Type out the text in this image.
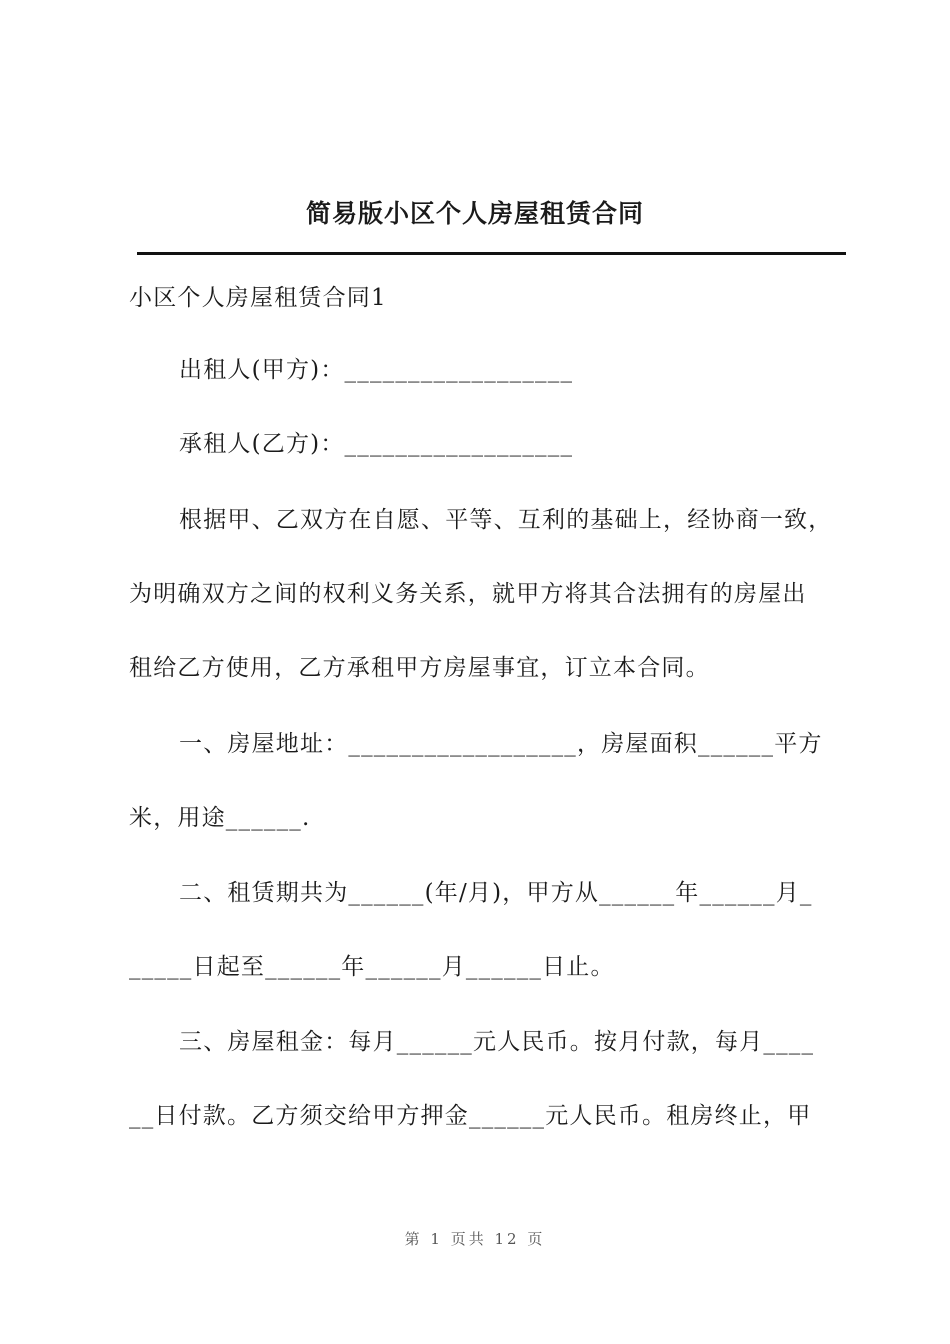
简易版小区个人房屋租赁合同
小区个人房屋租赁合同1
出租人(甲方)：__________________
承租人(乙方)：__________________
根据甲、乙双方在自愿、平等、互利的基础上，经协商一致，
为明确双方之间的权利义务关系，就甲方将其合法拥有的房屋出
租给乙方使用，乙方承租甲方房屋事宜，订立本合同。
一、房屋地址：__________________，房屋面积______平方
米，用途______.
二、租赁期共为______(年/月)，甲方从______年______月_
_____日起至______年______月______日止。
三、房屋租金：每月______元人民币。按月付款，每月____
__日付款。乙方须交给甲方押金______元人民币。租房终止，甲
第 1 页共 12 页
